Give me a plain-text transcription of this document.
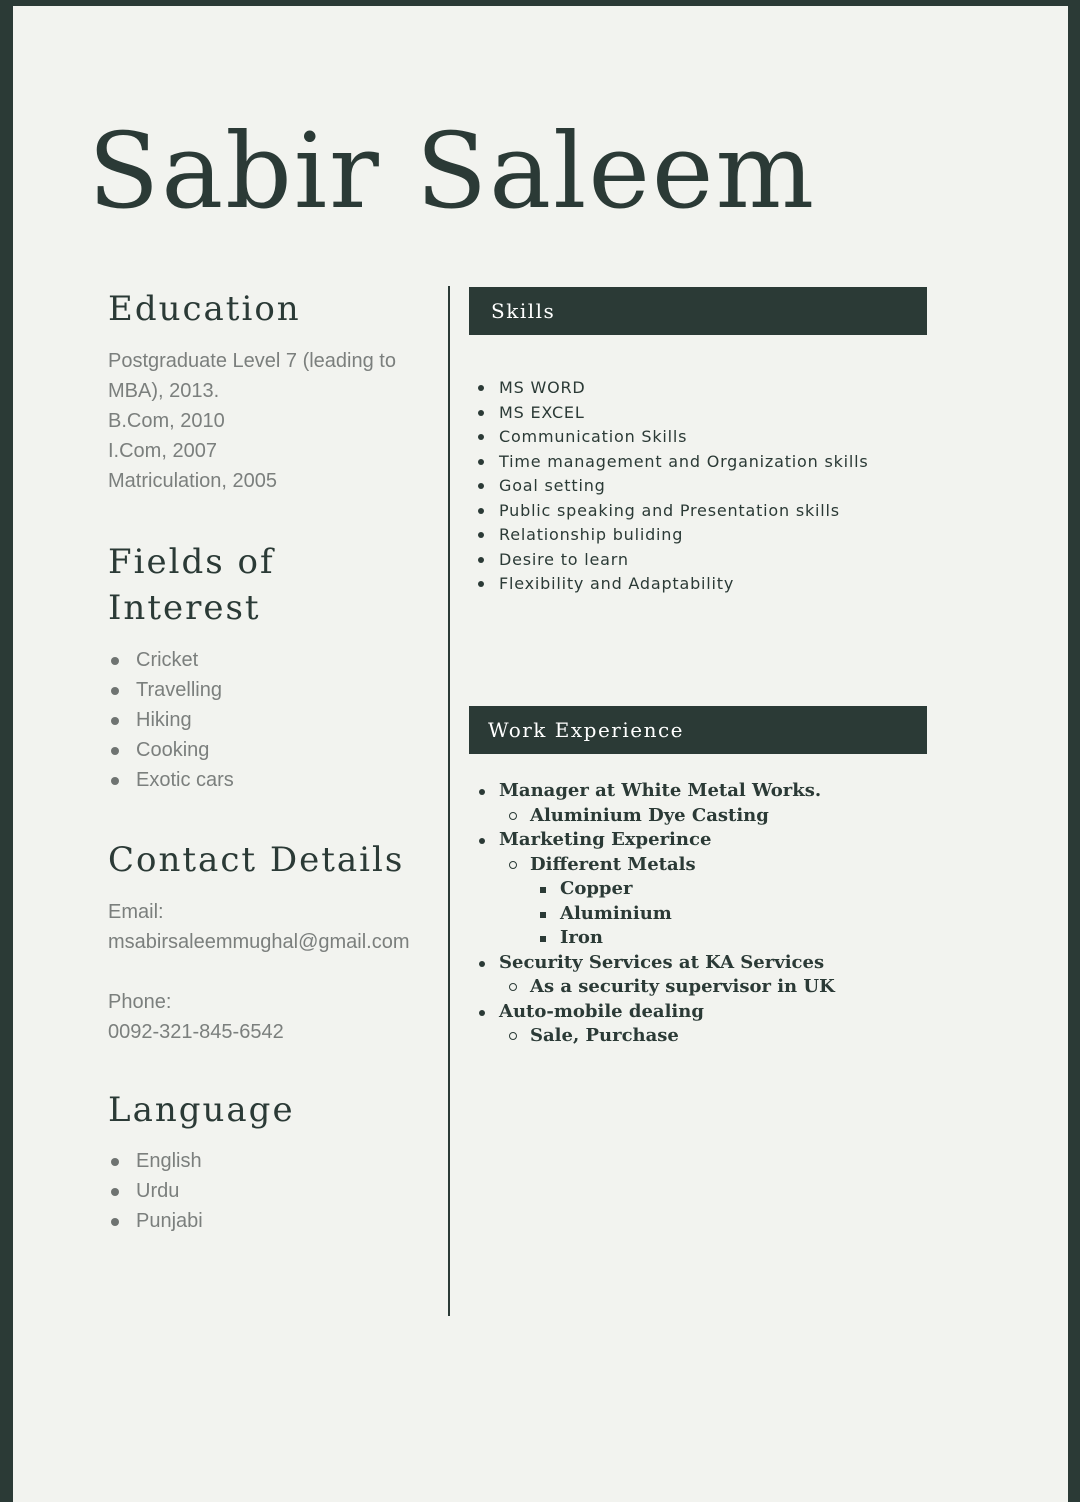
Sabir Saleem
Education

Postgraduate Level 7 (leading to

MBA), 2013.

B.Com, 2010

I.Com, 2007

Matriculation, 2005

Fields of
Interest
Cricket
Travelling
Hiking
Cooking
Exotic cars
Contact Details

Email:

msabirsaleemmughal@gmail.com

Phone:

0092-321-845-6542

Language
English
Urdu
Punjabi
Skills
MS WORD
MS EXCEL
Communication Skills
Time management and Organization skills
Goal setting
Public speaking and Presentation skills
Relationship buliding
Desire to learn
Flexibility and Adaptability
Work Experience
Manager at White Metal Works.
Aluminium Dye Casting
Marketing Experince
Different Metals
Copper
Aluminium
Iron
Security Services at KA Services
As a security supervisor in UK
Auto-mobile dealing
Sale, Purchase
